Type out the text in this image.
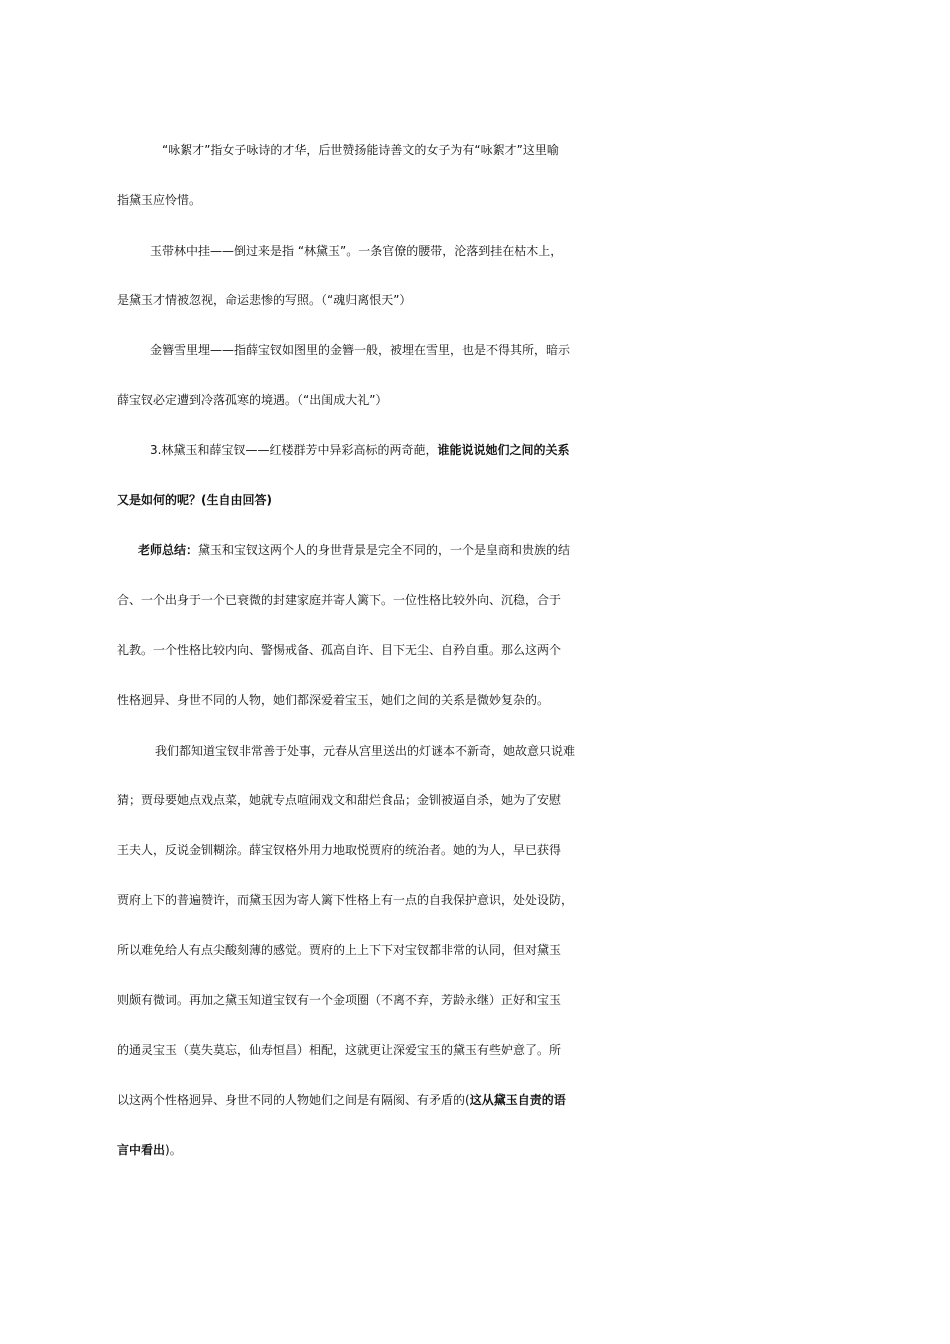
“咏絮才”指女子咏诗的才华，后世赞扬能诗善文的女子为有“咏絮才”这里喻
指黛玉应怜惜。
玉带林中挂——倒过来是指 “林黛玉”。一条官僚的腰带，沦落到挂在枯木上，
是黛玉才情被忽视，命运悲惨的写照。（“魂归离恨天”）
金簪雪里埋——指薛宝钗如图里的金簪一般，被埋在雪里，也是不得其所，暗示
薛宝钗必定遭到冷落孤寒的境遇。（“出闺成大礼”）
3.林黛玉和薛宝钗——红楼群芳中异彩高标的两奇葩，谁能说说她们之间的关系
又是如何的呢？(生自由回答)
老师总结：黛玉和宝钗这两个人的身世背景是完全不同的，一个是皇商和贵族的结
合、一个出身于一个已衰微的封建家庭并寄人篱下。一位性格比较外向、沉稳，合于
礼教。一个性格比较内向、警惕戒备、孤高自许、目下无尘、自矜自重。那么这两个
性格迥异、身世不同的人物，她们都深爱着宝玉，她们之间的关系是微妙复杂的。
我们都知道宝钗非常善于处事，元春从宫里送出的灯谜本不新奇，她故意只说难
猜；贾母要她点戏点菜，她就专点喧闹戏文和甜烂食品；金钏被逼自杀，她为了安慰
王夫人，反说金钏糊涂。薛宝钗格外用力地取悦贾府的统治者。她的为人，早已获得
贾府上下的普遍赞许，而黛玉因为寄人篱下性格上有一点的自我保护意识，处处设防，
所以难免给人有点尖酸刻薄的感觉。贾府的上上下下对宝钗都非常的认同，但对黛玉
则颇有微词。再加之黛玉知道宝钗有一个金项圈（不离不弃，芳龄永继）正好和宝玉
的通灵宝玉（莫失莫忘，仙寿恒昌）相配，这就更让深爱宝玉的黛玉有些妒意了。所
以这两个性格迥异、身世不同的人物她们之间是有隔阂、有矛盾的(这从黛玉自责的语
言中看出)。
